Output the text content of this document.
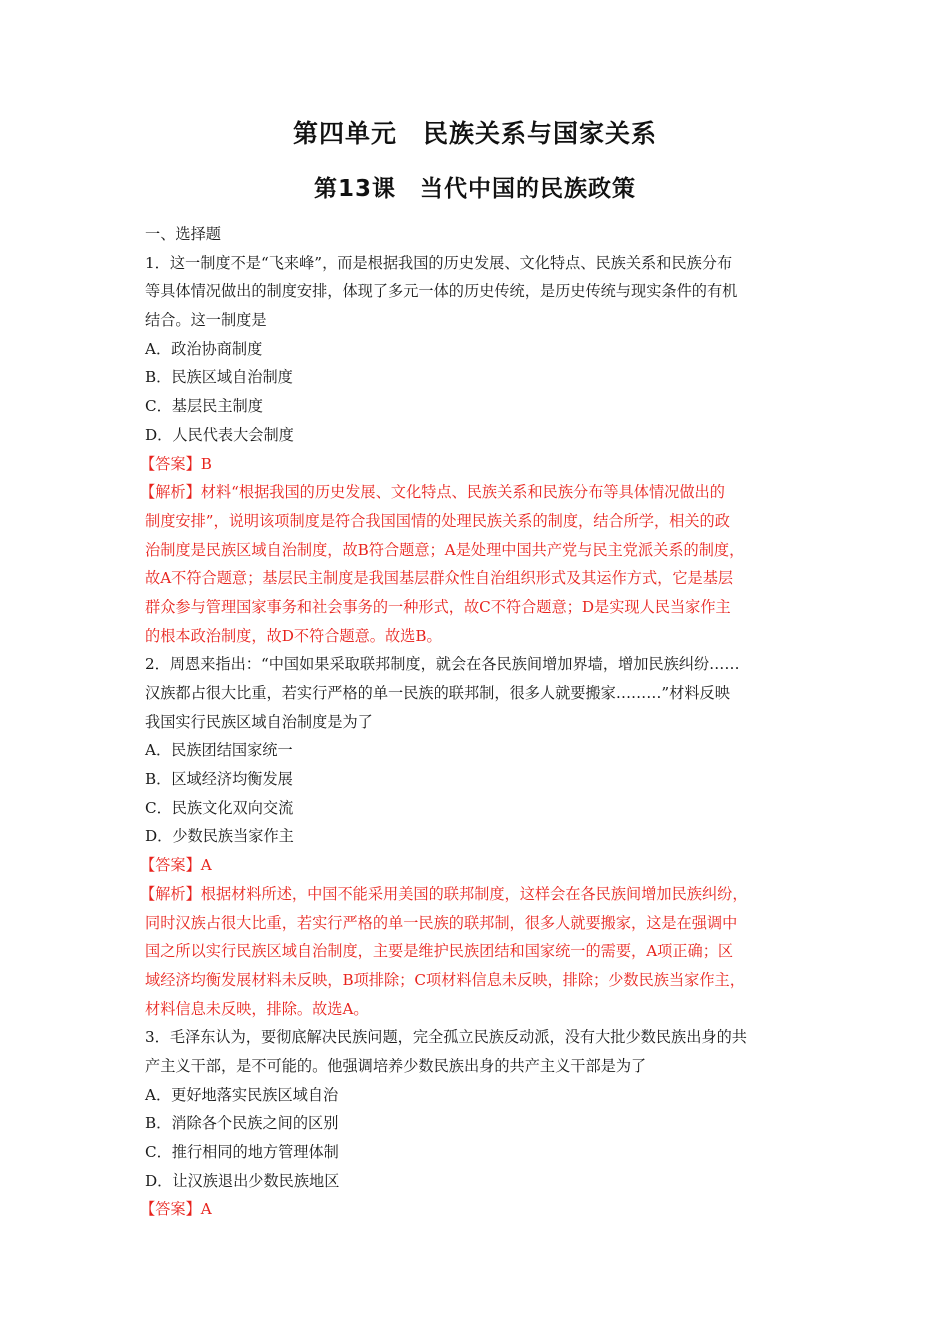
第四单元　民族关系与国家关系
第13课　当代中国的民族政策
一、选择题
1．这一制度不是“飞来峰”，而是根据我国的历史发展、文化特点、民族关系和民族分布
等具体情况做出的制度安排，体现了多元一体的历史传统，是历史传统与现实条件的有机
结合。这一制度是
A．政治协商制度
B．民族区域自治制度
C．基层民主制度
D．人民代表大会制度
【答案】B
【解析】材料“根据我国的历史发展、文化特点、民族关系和民族分布等具体情况做出的
制度安排”，说明该项制度是符合我国国情的处理民族关系的制度，结合所学，相关的政
治制度是民族区域自治制度，故B符合题意；A是处理中国共产党与民主党派关系的制度，
故A不符合题意；基层民主制度是我国基层群众性自治组织形式及其运作方式，它是基层
群众参与管理国家事务和社会事务的一种形式，故C不符合题意；D是实现人民当家作主
的根本政治制度，故D不符合题意。故选B。
2．周恩来指出：“中国如果采取联邦制度，就会在各民族间增加界墙，增加民族纠纷……
汉族都占很大比重，若实行严格的单一民族的联邦制，很多人就要搬家………”材料反映
我国实行民族区域自治制度是为了
A．民族团结国家统一
B．区域经济均衡发展
C．民族文化双向交流
D．少数民族当家作主
【答案】A
【解析】根据材料所述，中国不能采用美国的联邦制度，这样会在各民族间增加民族纠纷，
同时汉族占很大比重，若实行严格的单一民族的联邦制，很多人就要搬家，这是在强调中
国之所以实行民族区域自治制度，主要是维护民族团结和国家统一的需要，A项正确；区
域经济均衡发展材料未反映，B项排除；C项材料信息未反映，排除；少数民族当家作主，
材料信息未反映，排除。故选A。
3．毛泽东认为，要彻底解决民族问题，完全孤立民族反动派，没有大批少数民族出身的共
产主义干部，是不可能的。他强调培养少数民族出身的共产主义干部是为了
A．更好地落实民族区域自治
B．消除各个民族之间的区别
C．推行相同的地方管理体制
D．让汉族退出少数民族地区
【答案】A
